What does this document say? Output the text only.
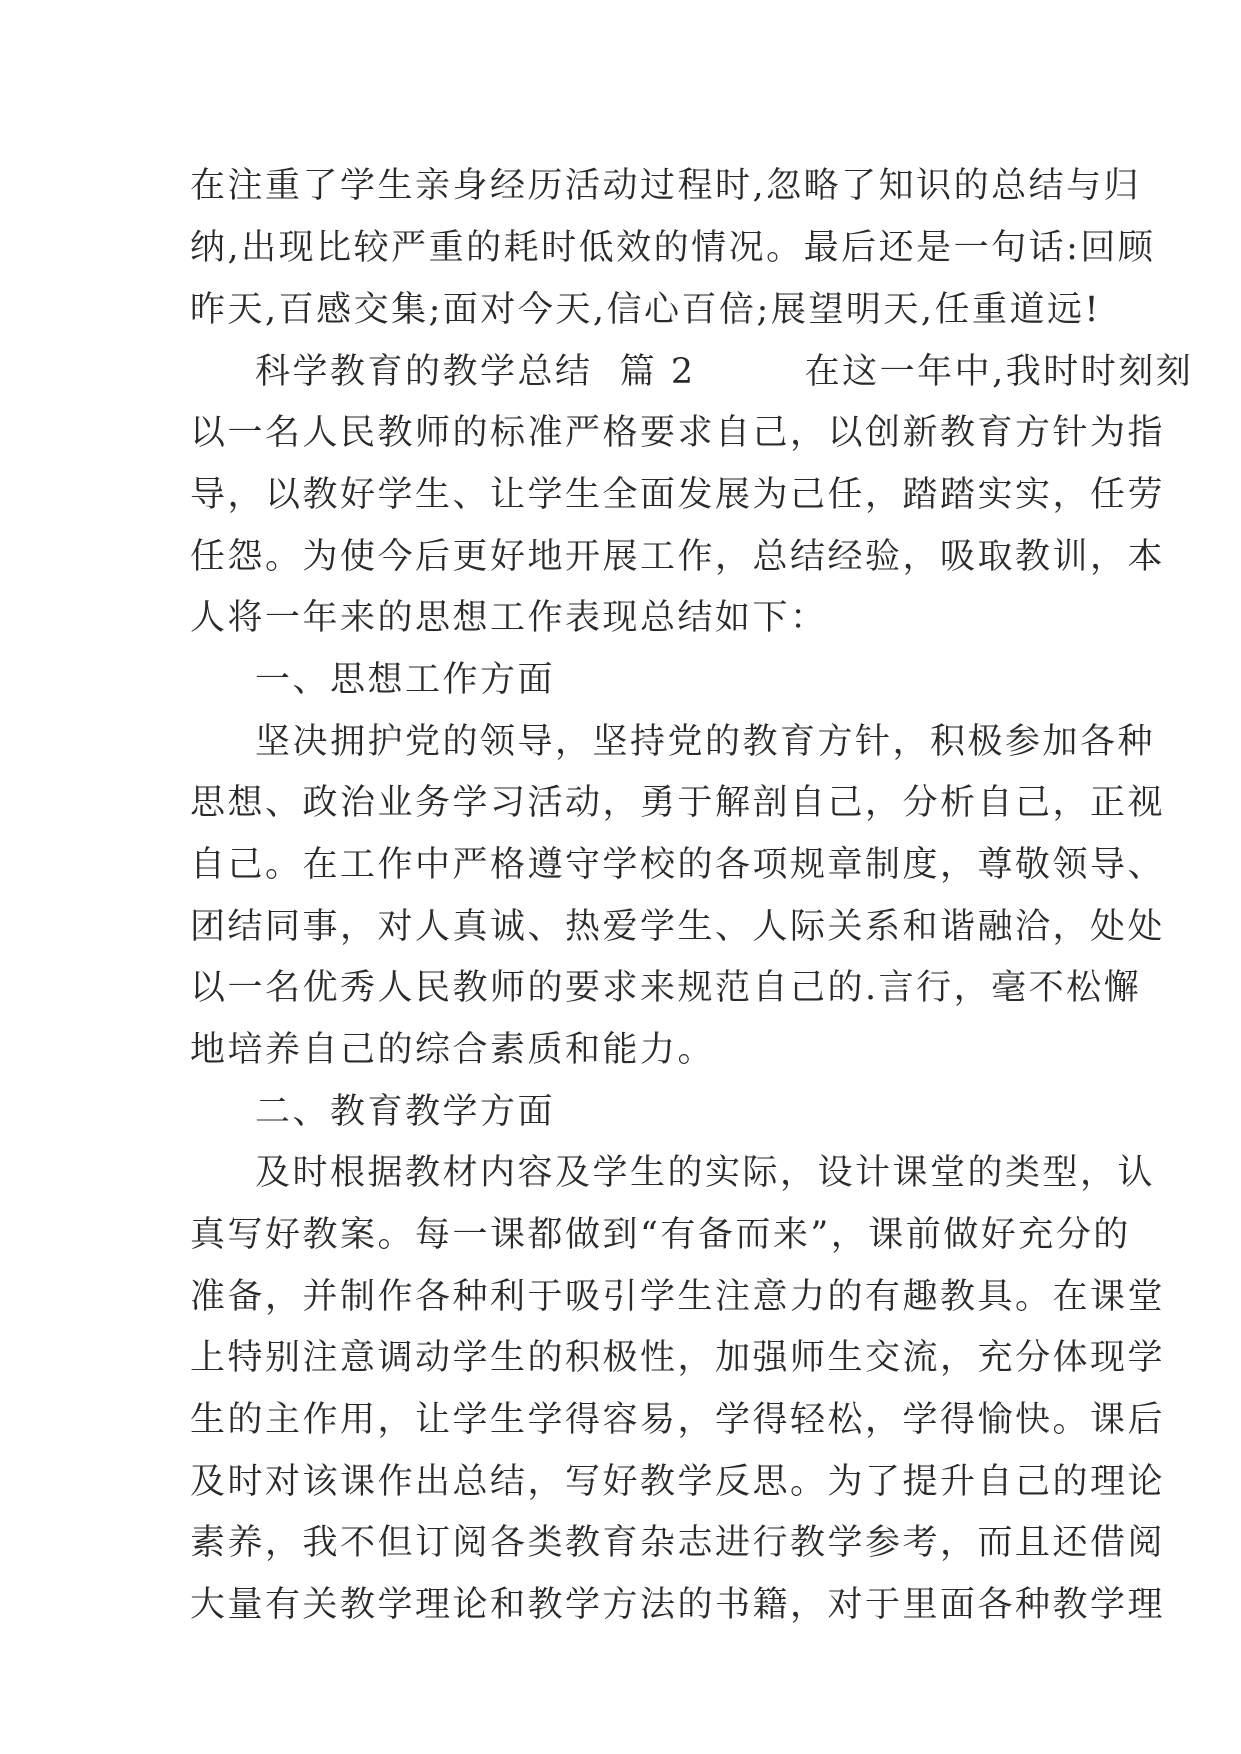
在注重了学生亲身经历活动过程时,忽略了知识的总结与归
纳,出现比较严重的耗时低效的情况。最后还是一句话:回顾
昨天,百感交集;面对今天,信心百倍;展望明天,任重道远!
科学教育的教学总结  篇 2        在这一年中,我时时刻刻
以一名人民教师的标准严格要求自己，以创新教育方针为指
导，以教好学生、让学生全面发展为己任，踏踏实实，任劳
任怨。为使今后更好地开展工作，总结经验，吸取教训，本
人将一年来的思想工作表现总结如下：
一、思想工作方面
坚决拥护党的领导，坚持党的教育方针，积极参加各种
思想、政治业务学习活动，勇于解剖自己，分析自己，正视
自己。在工作中严格遵守学校的各项规章制度，尊敬领导、
团结同事，对人真诚、热爱学生、人际关系和谐融洽，处处
以一名优秀人民教师的要求来规范自己的.言行，毫不松懈
地培养自己的综合素质和能力。
二、教育教学方面
及时根据教材内容及学生的实际，设计课堂的类型，认
真写好教案。每一课都做到“有备而来”，课前做好充分的
准备，并制作各种利于吸引学生注意力的有趣教具。在课堂
上特别注意调动学生的积极性，加强师生交流，充分体现学
生的主作用，让学生学得容易，学得轻松，学得愉快。课后
及时对该课作出总结，写好教学反思。为了提升自己的理论
素养，我不但订阅各类教育杂志进行教学参考，而且还借阅
大量有关教学理论和教学方法的书籍，对于里面各种教学理
